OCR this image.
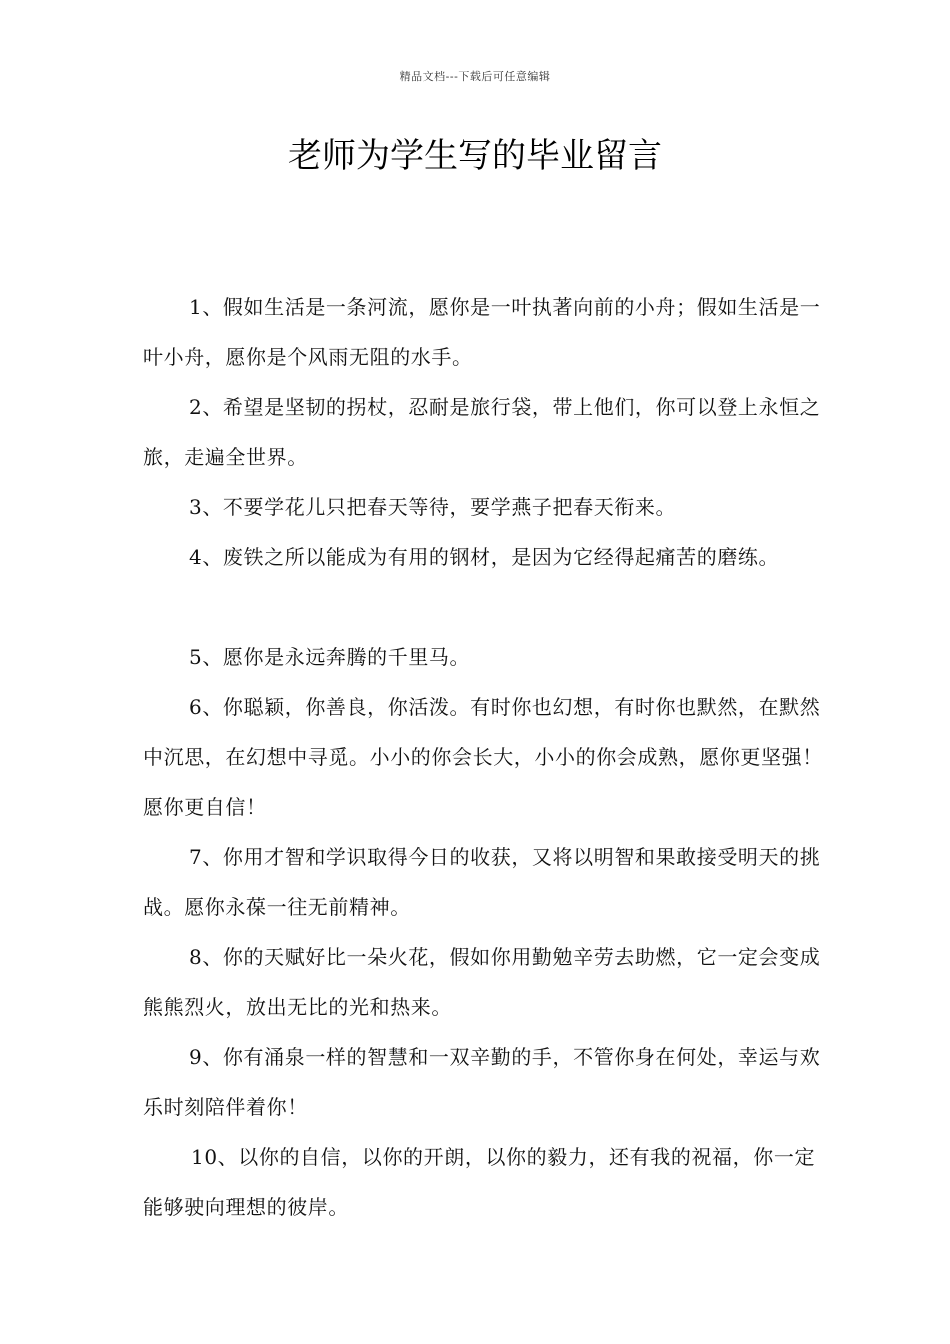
精品文档---下载后可任意编辑
老师为学生写的毕业留言

1、假如生活是一条河流，愿你是一叶执著向前的小舟；假如生活是一叶小舟，愿你是个风雨无阻的水手。

2、希望是坚韧的拐杖，忍耐是旅行袋，带上他们，你可以登上永恒之旅，走遍全世界。

3、不要学花儿只把春天等待，要学燕子把春天衔来。

4、废铁之所以能成为有用的钢材，是因为它经得起痛苦的磨练。

5、愿你是永远奔腾的千里马。

6、你聪颖，你善良，你活泼。有时你也幻想，有时你也默然，在默然中沉思，在幻想中寻觅。小小的你会长大，小小的你会成熟，愿你更坚强！愿你更自信！

7、你用才智和学识取得今日的收获，又将以明智和果敢接受明天的挑战。愿你永葆一往无前精神。

8、你的天赋好比一朵火花，假如你用勤勉辛劳去助燃，它一定会变成熊熊烈火，放出无比的光和热来。

9、你有涌泉一样的智慧和一双辛勤的手，不管你身在何处，幸运与欢乐时刻陪伴着你！

10、以你的自信，以你的开朗，以你的毅力，还有我的祝福，你一定能够驶向理想的彼岸。
